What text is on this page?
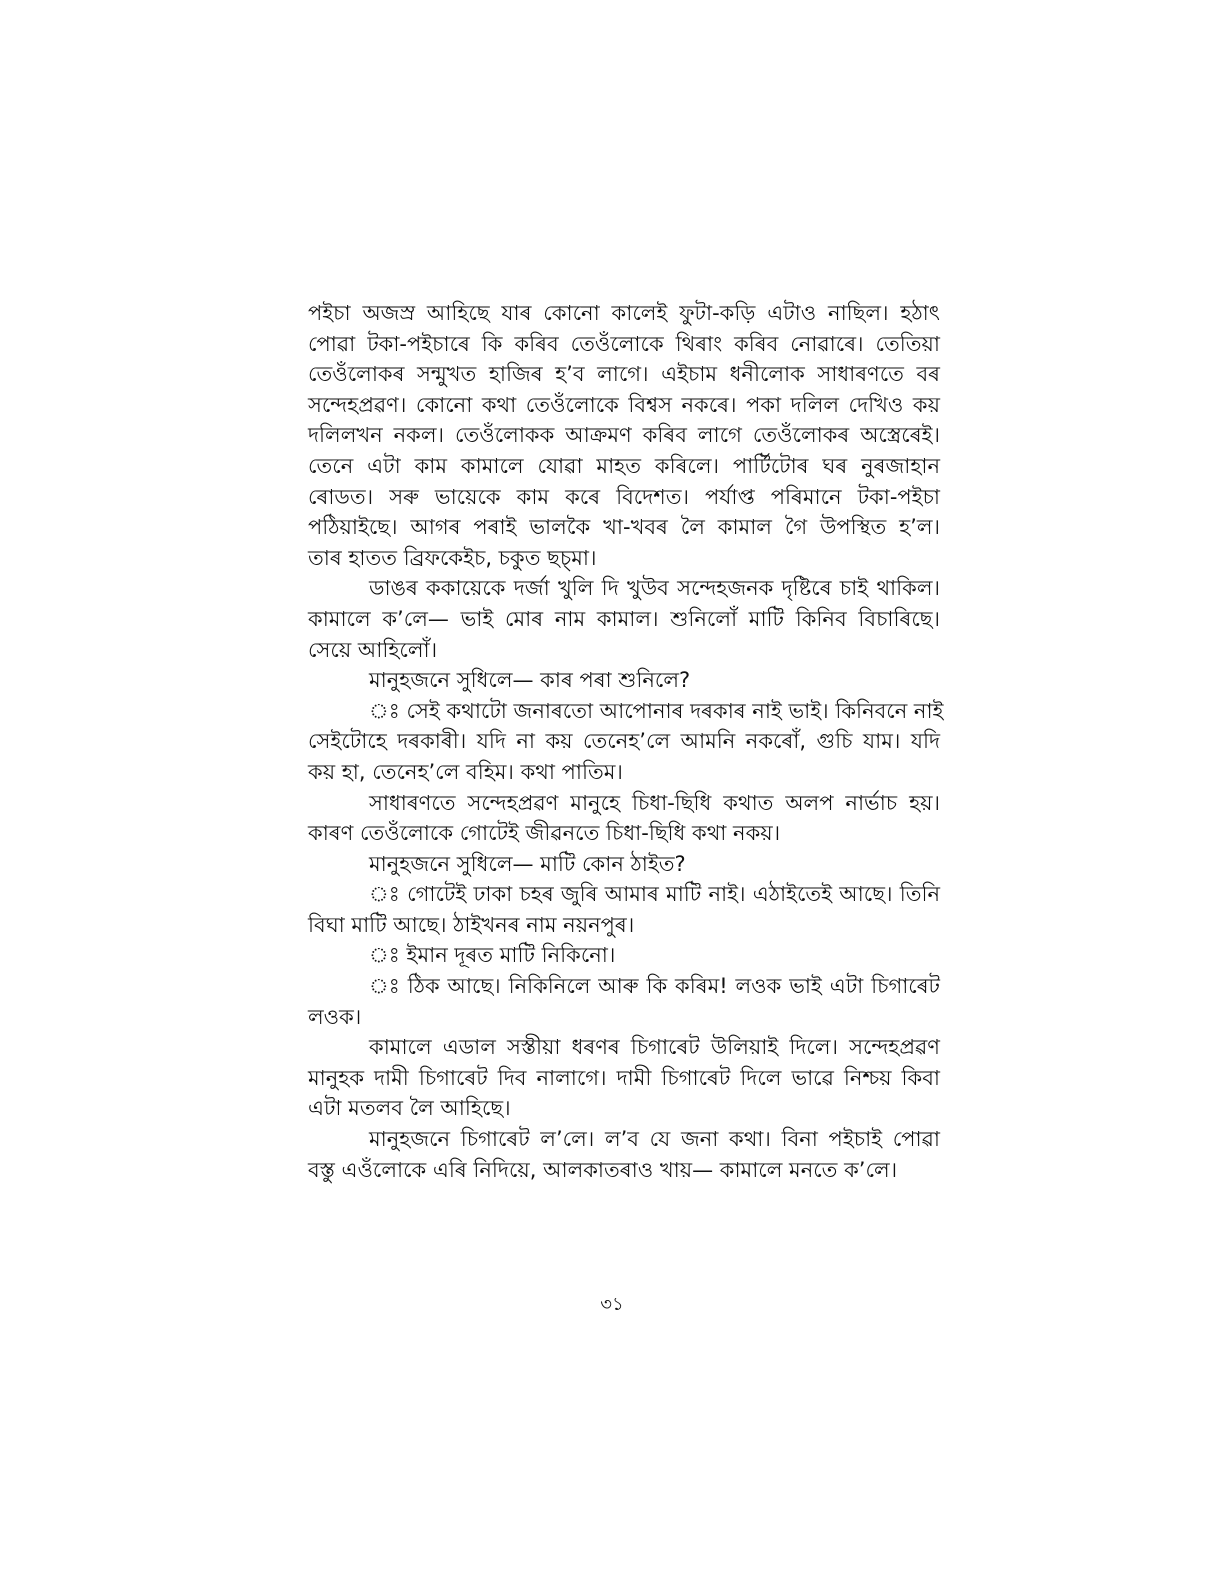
পইচা অজস্র আহিছে যাৰ কোনো কালেই ফুটা-কড়ি এটাও নাছিল। হঠাৎ
পোৱা টকা-পইচাৰে কি কৰিব তেওঁলোকে থিৰাং কৰিব নোৱাৰে। তেতিয়া
তেওঁলোকৰ সন্মুখত হাজিৰ হ’ব লাগে। এইচাম ধনীলোক সাধাৰণতে বৰ
সন্দেহপ্ৰৱণ। কোনো কথা তেওঁলোকে বিশ্বস নকৰে। পকা দলিল দেখিও কয়
দলিলখন নকল। তেওঁলোকক আক্ৰমণ কৰিব লাগে তেওঁলোকৰ অস্ত্ৰেৰেই।
তেনে এটা কাম কামালে যোৱা মাহত কৰিলে। পাৰ্টিটোৰ ঘৰ নুৰজাহান
ৰোডত। সৰু ভায়েকে কাম কৰে বিদেশত। পৰ্যাপ্ত পৰিমানে টকা-পইচা
পঠিয়াইছে। আগৰ পৰাই ভালকৈ খা-খবৰ লৈ কামাল গৈ উপস্থিত হ’ল।
তাৰ হাতত ব্ৰিফকেইচ, চকুত ছচ্মা।
ডাঙৰ ককায়েকে দৰ্জা খুলি দি খুউব সন্দেহজনক দৃষ্টিৰে চাই থাকিল।
কামালে ক’লে— ভাই মোৰ নাম কামাল। শুনিলোঁ মাটি কিনিব বিচাৰিছে।
সেয়ে আহিলোঁ।
মানুহজনে সুধিলে— কাৰ পৰা শুনিলে?
ঃ সেই কথাটো জনাৰতো আপোনাৰ দৰকাৰ নাই ভাই। কিনিবনে নাই
সেইটোহে দৰকাৰী। যদি না কয় তেনেহ’লে আমনি নকৰোঁ, গুচি যাম। যদি
কয় হা, তেনেহ’লে বহিম। কথা পাতিম।
সাধাৰণতে সন্দেহপ্ৰৱণ মানুহে চিধা-ছিধি কথাত অলপ নাৰ্ভাচ হয়।
কাৰণ তেওঁলোকে গোটেই জীৱনতে চিধা-ছিধি কথা নকয়।
মানুহজনে সুধিলে— মাটি কোন ঠাইত?
ঃ গোটেই ঢাকা চহৰ জুৰি আমাৰ মাটি নাই। এঠাইতেই আছে। তিনি
বিঘা মাটি আছে। ঠাইখনৰ নাম নয়নপুৰ।
ঃ ইমান দূৰত মাটি নিকিনো।
ঃ ঠিক আছে। নিকিনিলে আৰু কি কৰিম! লওক ভাই এটা চিগাৰেট
লওক।
কামালে এডাল সস্তীয়া ধৰণৰ চিগাৰেট উলিয়াই দিলে। সন্দেহপ্ৰৱণ
মানুহক দামী চিগাৰেট দিব নালাগে। দামী চিগাৰেট দিলে ভাৱে নিশ্চয় কিবা
এটা মতলব লৈ আহিছে।
মানুহজনে চিগাৰেট ল’লে। ল’ব যে জনা কথা। বিনা পইচাই পোৱা
বস্তু এওঁলোকে এৰি নিদিয়ে, আলকাতৰাও খায়— কামালে মনতে ক’লে।
৩১
